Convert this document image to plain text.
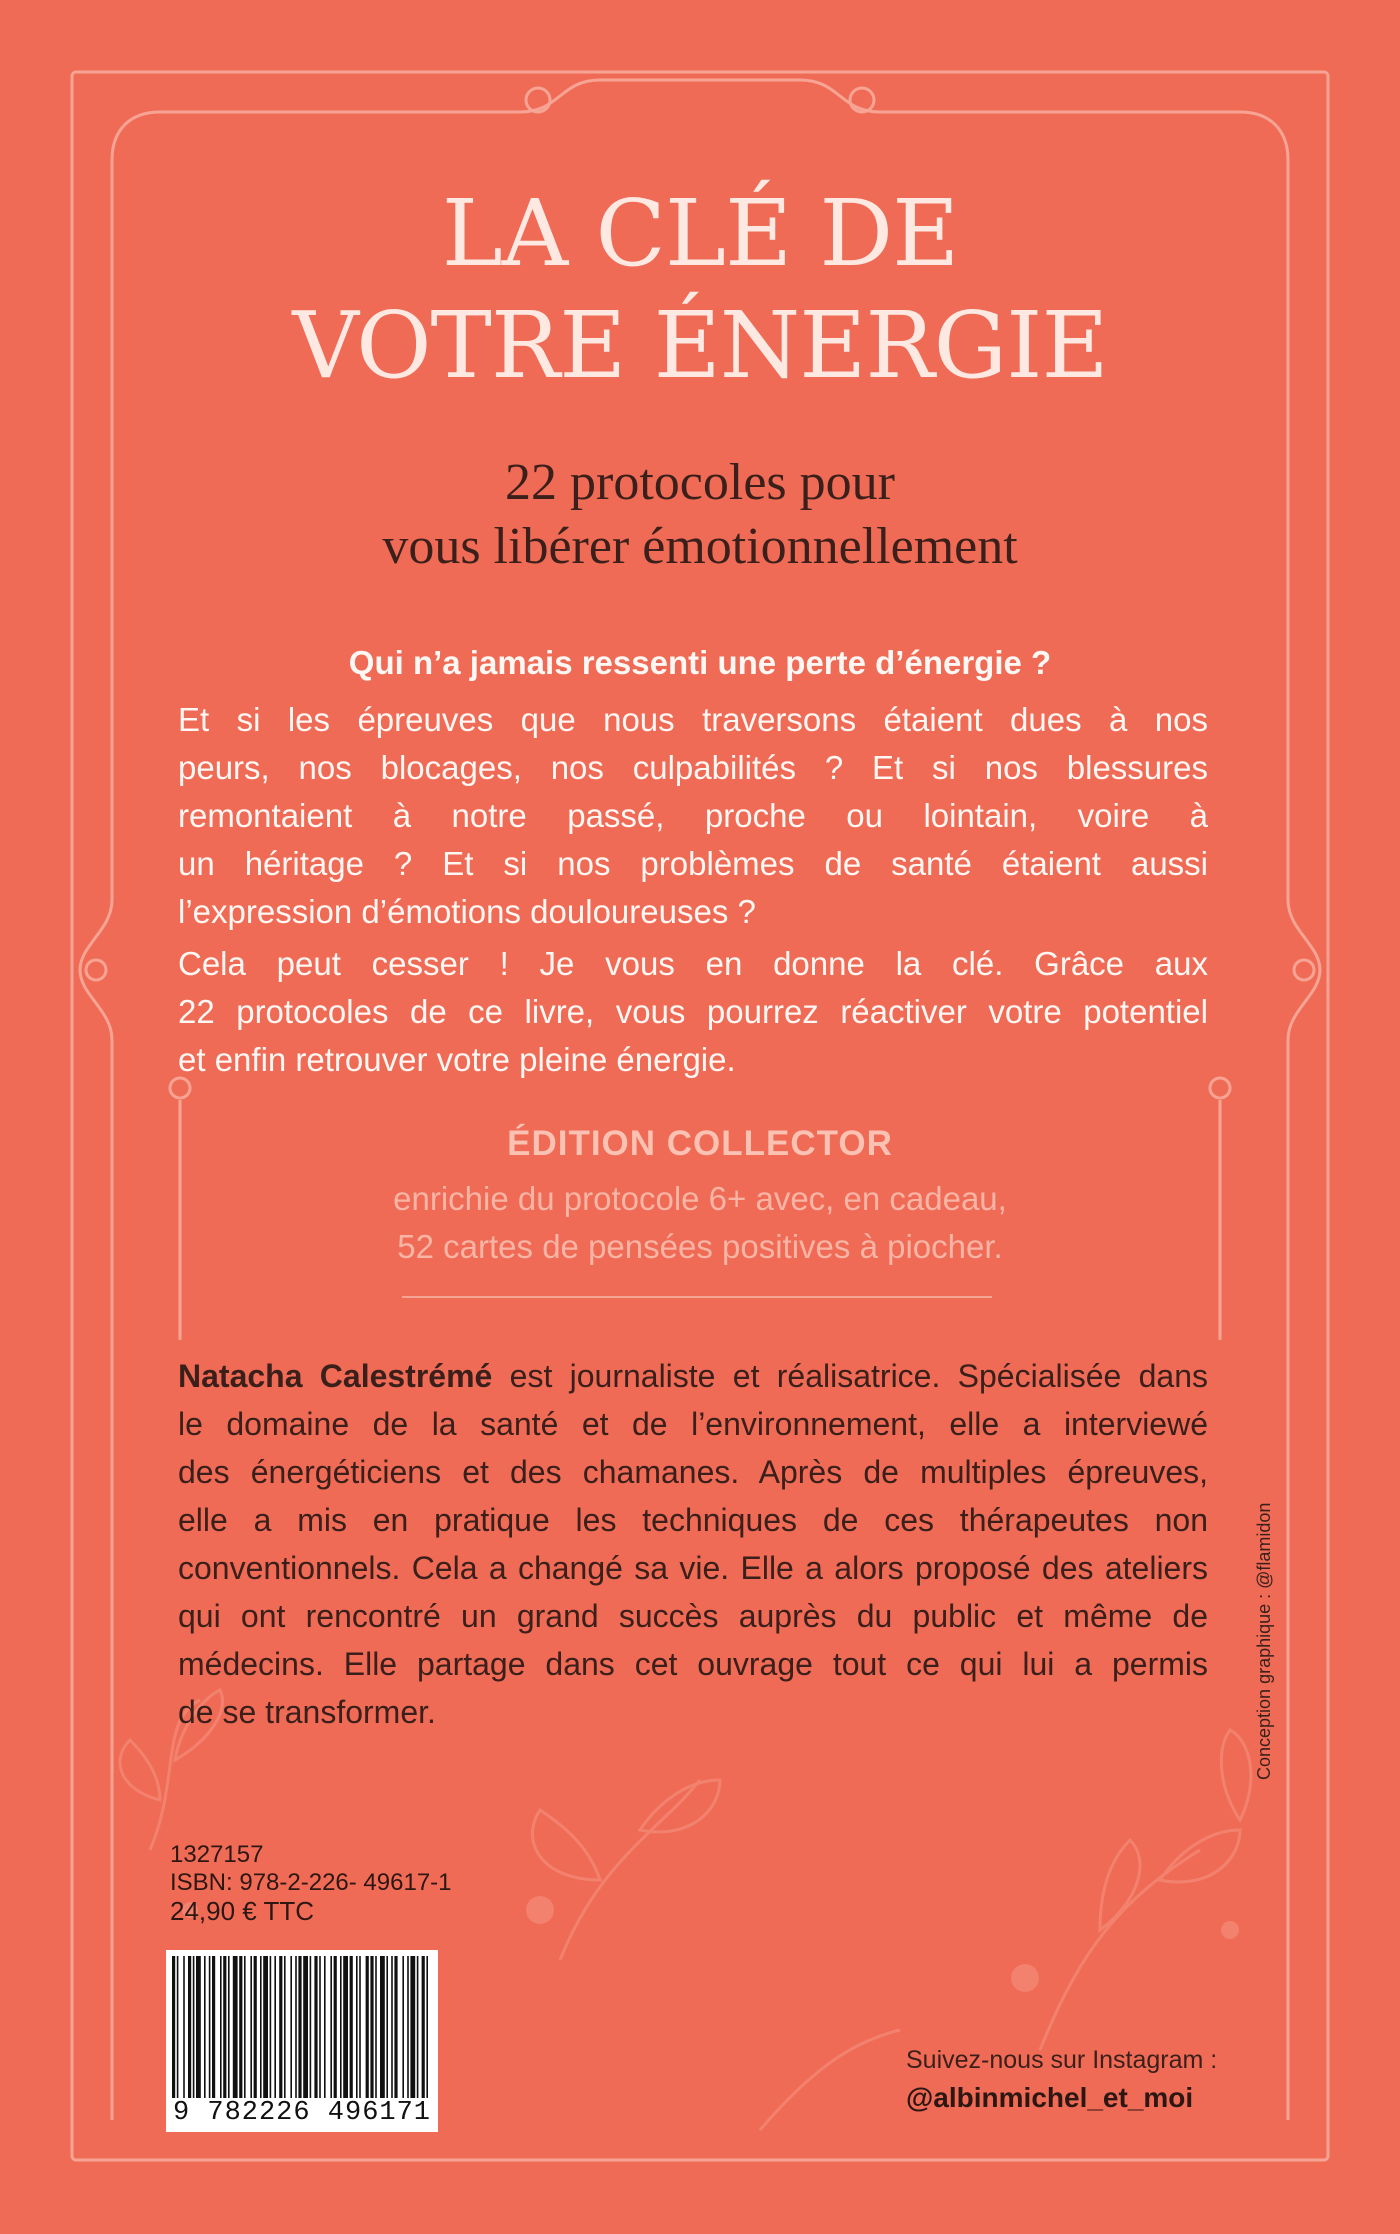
LA CLÉ DE
VOTRE ÉNERGIE
22 protocoles pour
vous libérer émotionnellement
Qui n’a jamais ressenti une perte d’énergie ?
Et si les épreuves que nous traversons étaient dues à nos
peurs, nos blocages, nos culpabilités ? Et si nos blessures
remontaient à notre passé, proche ou lointain, voire à
un héritage ? Et si nos problèmes de santé étaient aussi
l’expression d’émotions douloureuses ?
Cela peut cesser ! Je vous en donne la clé. Grâce aux
22 protocoles de ce livre, vous pourrez réactiver votre potentiel
et enfin retrouver votre pleine énergie.
ÉDITION COLLECTOR
enrichie du protocole 6+ avec, en cadeau,
52 cartes de pensées positives à piocher.
Natacha Calestrémé est journaliste et réalisatrice. Spécialisée dans
le domaine de la santé et de l’environnement, elle a interviewé
des énergéticiens et des chamanes. Après de multiples épreuves,
elle a mis en pratique les techniques de ces thérapeutes non
conventionnels. Cela a changé sa vie. Elle a alors proposé des ateliers
qui ont rencontré un grand succès auprès du public et même de
médecins. Elle partage dans cet ouvrage tout ce qui lui a permis
de se transformer.	Conception graphique : @flamidon
1327157
ISBN: 978-2-226- 49617-1
24,90 € TTC
9 782226 496171
Suivez-nous sur Instagram :
@albinmichel_et_moi
